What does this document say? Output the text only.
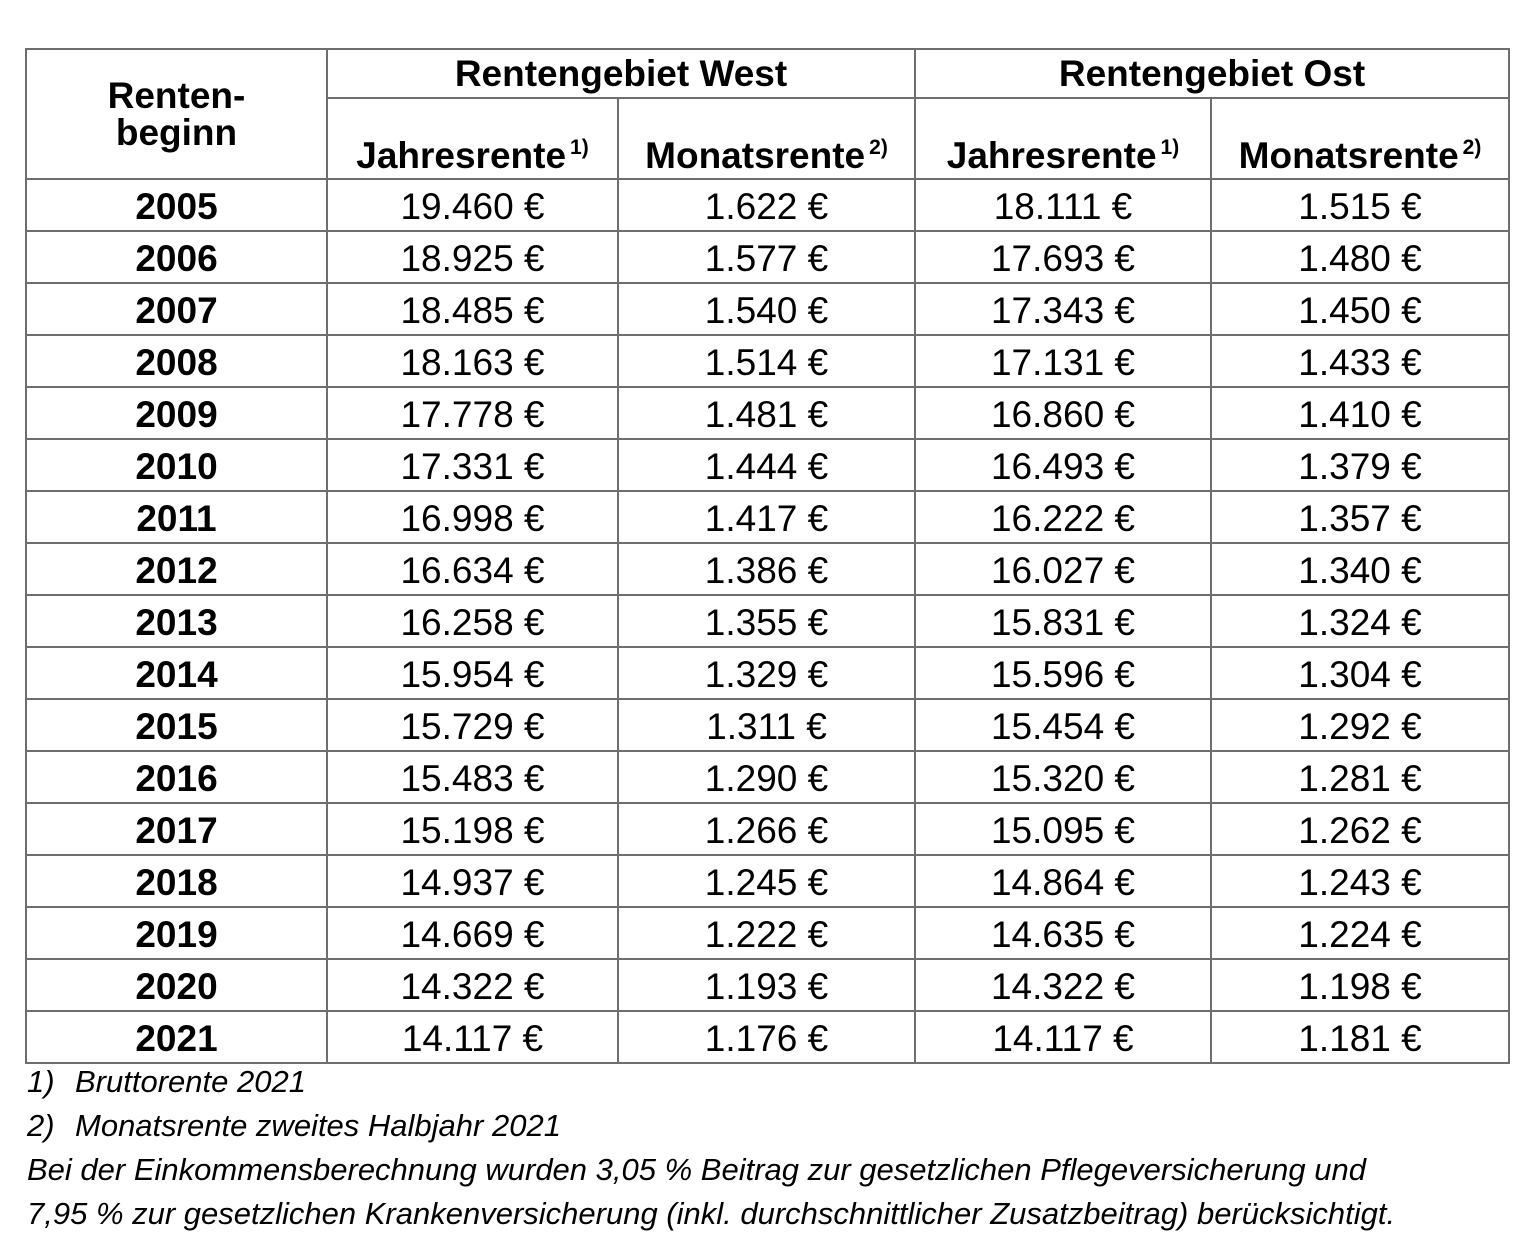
Renten-
beginn	Rentengebiet West		Rentengebiet Ost	
	Jahresrente $^{1)}$	Monatsrente $^{2)}$	Jahresrente $^{1)}$	Monatsrente $^{2)}$
2005	19.460 €	1.622 €	18.111 €	1.515 €
2006	18.925 €	1.577 €	17.693 €	1.480 €
2007	18.485 €	1.540 €	17.343 €	1.450 €
2008	18.163 €	1.514 €	17.131 €	1.433 €
2009	17.778 €	1.481 €	16.860 €	1.410 €
2010	17.331 €	1.444 €	16.493 €	1.379 €
2011	16.998 €	1.417 €	16.222 €	1.357 €
2012	16.634 €	1.386 €	16.027 €	1.340 €
2013	16.258 €	1.355 €	15.831 €	1.324 €
2014	15.954 €	1.329 €	15.596 €	1.304 €
2015	15.729 €	1.311 €	15.454 €	1.292 €
2016	15.483 €	1.290 €	15.320 €	1.281 €
2017	15.198 €	1.266 €	15.095 €	1.262 €
2018	14.937 €	1.245 €	14.864 €	1.243 €
2019	14.669 €	1.222 €	14.635 €	1.224 €
2020	14.322 €	1.193 €	14.322 €	1.198 €
2021	14.117 €	1.176 €	14.117 €	1.181 €
1) Bruttorente 2021
2) Monatsrente zweites Halbjahr 2021
Bei der Einkommensberechnung wurden 3,05 % Beitrag zur gesetzlichen Pflegeversicherung und
7,95 % zur gesetzlichen Krankenversicherung (inkl. durchschnittlicher Zusatzbeitrag) berücksichtigt.
